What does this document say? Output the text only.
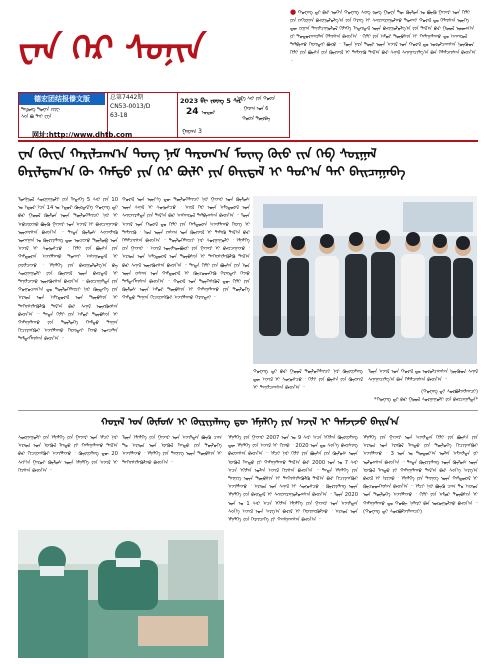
ᠸᠠᠨ ᠭᠡᠷ ᠰᠣᠨᠢᠨ
● ᠬᠤᠸᠠᠩ ᠳᠢ ᠪᠠᠷ ᠤᠭᠡᠨ ᠬᠤᠸᠠᠩ ᠰᠢᠩ ᠵᠣᠩ ᠭᠤᠸᠠ ᠲᠦ ᠬᠦᠮᠦᠨ ᠤ ᠪᠦᠬᠦ ᠭᠠᠵᠠᠷ ᠤᠨ ᠬᠢᠯᠢ ᠶᠢᠨ ᠵᠠᠬᠢᠷᠭᠠᠨ ᠪᠠᠢᠭᠤᠯᠤᠯᠭ᠎ᠠ ᠵᠢᠨ ᠬᠡᠷᠡᠭ ᠢ ᠰᠠᠢᠵᠢᠷᠠᠭᠤᠯᠬᠤ ᠲᠤᠬᠠᠢ ᠬᠤᠷᠠᠯ ᠳᠤ ᠬᠡᠯᠡᠭᠰᠡᠨ ᠦᠭᠡ ᠳᠦ ᠵᠢᠭᠠᠨ ᠲᠠᠨᠢᠯᠴᠠᠭᠤᠯᠤᠯ ᠬᠢᠯᠡᠭᠡ ᠮᠡᠳᠡᠭᠳᠡᠯ ᠦᠨ ᠪᠠᠢᠭᠤᠯᠤᠯᠭ᠎ᠠ ᠶᠢᠨ ᠲᠠᠯ᠎ᠠ ᠪᠠᠷ ᠭᠣᠣᠯ ᠤᠳᠬ᠎ᠠ ᠶᠢ ᠲᠣᠳᠤᠷᠬᠠᠢᠯᠠᠨ ᠬᠡᠯᠡᠭᠰᠡᠨ ᠪᠠᠢᠨ᠎ᠠ ᠂ ᠬᠢᠯᠢ ᠶᠢᠨ ᠠᠮᠤᠷ ᠲᠦᠪᠰᠢᠨ ᠢ ᠬᠠᠮᠠᠭᠠᠯᠠᠬᠤ ᠳᠤ ᠠᠨᠬᠠᠷᠤᠯ ᠲᠠᠯᠪᠢᠬᠤ ᠬᠡᠷᠡᠭᠲᠡᠢ ᠪᠤᠶᠤ ᠃ ᠮᠥᠨ ᠨᠡᠷᠡ ᠲᠦᠷ ᠦᠨ ᠠᠵᠢᠯ ᠤᠨ ᠬᠤᠷᠠᠯ ᠳᠤ ᠣᠷᠣᠯᠴᠠᠭᠰᠠᠨ ᠨᠥᠭᠥᠳ ᠬᠢᠯᠢ ᠶᠢᠨ ᠪᠦᠰᠡ ᠶᠢᠨ ᠬᠥᠭᠵᠢᠯ ᠢ ᠳᠡᠮᠵᠢᠬᠦ ᠲᠠᠯ᠎ᠠ ᠪᠠᠷ ᠰᠠᠨᠠᠯ ᠰᠠᠨᠠᠭᠠᠴᠢᠯᠭ᠎ᠠ ᠪᠡᠨ ᠬᠡᠯᠡᠯᠴᠡᠭᠰᠡᠨ ᠪᠠᠢᠨ᠎ᠠ ᠃
德宏团结报傣文版
ᠳᠡᠾᠦᠩ ᠲᠤᠸᠠᠨ ᠵᠢᠶᠸ
ᠰᠢᠨ ᠪᠤ ᠲᠠᠢ ᠸᠧᠨ
总第7442期
CN53-0013/D
63-18
2023 ᠪᠢ ᠵᠦᠩ 5 ᠰᠠᠷ
24 ᠤᠳᠦᠷ
ᠭᠠᠷᠠᠭ 3
ᠨᠢᠭᠡ ᠰᠠᠷ ᠶᠢᠨ ᠬᠤᠷᠢᠨ
ᠭᠠᠷᠠᠭ ᠤᠨ 6
ᠬᠤᠷᠢᠨ ᠳᠦᠷᠪᠡ
网址:http://www.dhtb.com
ᠸᠠᠨ ᠬᠦᠸᠠ ᠬᠠᠷᠢᠯᠴᠠᠭ᠎ᠠ ᠲᠤᠩ ᠨᠠᠮ ᠳᠠᠷᠤᠭ᠎ᠠ ᠮᠦᠩ ᠬᠦᠦ ᠵᠢᠨ ᠬᠡᠪ ᠰᠤᠷᠭᠠᠯ
ᠪᠠᠷᠢᠯᠳᠠᠭ᠎ᠠ ᠬᠦ ᠬᠠᠮᠲᠤ ᠶᠢᠨ ᠭᠡᠷ ᠪᠦᠯᠢ ᠶᠢᠨ ᠪᠠᠢᠳᠠᠯ ᠢ ᠳᠤᠷ᠎ᠠ ᠲᠠᠢ ᠪᠠᠢᠴᠠᠭᠠᠪᠠ
ᠮᠣᠩᠭᠣᠯ ᠰᠤᠷᠭᠠᠭᠤᠯᠢ ᠶᠢᠨ ᠮᠡᠳᠡᠭᠡ 5 ᠰᠠᠷ ᠶᠢᠨ 10 ᠤ ᠡᠳᠦᠷ ᠡᠴᠡ 14 ᠤ ᠡᠳᠦᠷ ᠬᠦᠷᠲᠡᠯ᠎ᠡ ᠬᠤᠸᠠᠩ ᠳᠢ ᠪᠠᠷ ᠭᠣᠣᠯ ᠬᠦᠮᠦᠨ ᠦᠨ ᠲᠦᠯᠦᠭᠡᠯᠡᠭᠴᠢ ᠨᠠᠷ ᠢ ᠠᠪᠴᠢᠷᠠᠵᠤ ᠪᠦᠬᠦ ᠭᠠᠵᠠᠷ ᠤᠨ ᠠᠵᠢᠯ ᠢ ᠪᠠᠢᠴᠠᠭᠠᠵᠤ ᠦᠵᠡᠭᠰᠡᠨ ᠪᠠᠢᠨ᠎ᠠ ᠃ ᠲᠡᠳᠡ ᠬᠦᠮᠦᠰ ᠰᠢᠨᠵᠢᠯᠡᠬᠦ ᠤᠬᠠᠭᠠᠨ ᠤ ᠬᠦᠷᠢᠶᠡᠯᠡᠩ ᠳᠦ ᠣᠴᠢᠵᠤ ᠳᠦᠯᠦᠪ ᠤᠨ ᠠᠵᠢᠯ ᠢ ᠰᠣᠨᠤᠰᠴᠤ ᠂ ᠬᠢᠯᠢ ᠶᠢᠨ ᠪᠦᠰᠡ ᠶᠢᠨ ᠬᠠᠮᠲᠤᠷᠠᠨ ᠠᠵᠢᠯᠯᠠᠬᠤ ᠲᠤᠬᠠᠢ ᠠᠰᠠᠭᠤᠳᠠᠯ ᠢ ᠶᠠᠷᠢᠯᠴᠠᠵᠤ ᠂ ᠡᠮᠨᠡᠯᠭᠡ ᠶᠢᠨ ᠪᠠᠢᠭᠤᠯᠤᠯᠭ᠎ᠠ ᠪᠠ ᠰᠤᠷᠭᠠᠭᠤᠯᠢ ᠶᠢᠨ ᠬᠥᠭᠵᠢᠯ ᠦᠨ ᠪᠠᠢᠳᠠᠯ ᠢ ᠲᠠᠨᠢᠯᠴᠠᠵᠤ ᠥᠭᠭᠦᠭᠰᠡᠨ ᠪᠠᠢᠨ᠎ᠠ ᠃ ᠪᠠᠢᠴᠠᠭᠠᠯᠲᠠ ᠶᠢᠨ ᠬᠤᠭᠤᠴᠠᠭ᠎ᠠ ᠳᠤ ᠲᠥᠯᠦᠭᠡᠯᠡᠭᠴᠢ ᠨᠠᠷ ᠬᠥᠳᠡᠭᠡ ᠶᠢᠨ ᠠᠷᠠᠳ ᠤᠨ ᠠᠮᠢᠳᠤᠷᠠᠯ ᠤᠨ ᠳᠦᠪᠰᠢᠨ ᠢ ᠳᠡᠭᠡᠭᠰᠢᠯᠡᠭᠦᠯᠬᠦ ᠲᠠᠯ᠎ᠠ ᠪᠠᠷ ᠰᠠᠨᠠᠯ ᠥᠭᠭᠦᠭᠰᠡᠨ ᠪᠠᠢᠨ᠎ᠠ ᠃ ᠲᠡᠳᠡ ᠬᠢᠯᠢ ᠶᠢᠨ ᠠᠮᠤᠷ ᠲᠦᠪᠰᠢᠨ ᠢ ᠬᠠᠮᠠᠭᠠᠯᠠᠬᠤ ᠶᠢᠨ ᠲᠥᠯᠦᠭᠡ ᠬᠠᠮᠲᠤ ᠳᠠᠭᠠᠨ ᠬᠢᠴᠢᠶᠡᠩᠭᠦᠢ ᠠᠵᠢᠯᠯᠠᠬᠤ ᠬᠡᠷᠡᠭᠲᠡᠢ ᠭᠡᠵᠦ ᠣᠨᠴᠠᠯᠠᠨ ᠲᠡᠮᠳᠡᠭᠯᠡᠭᠰᠡᠨ ᠪᠠᠢᠨ᠎ᠠ ᠃
ᠬᠤᠷᠠᠯ ᠤᠨ ᠦᠶ᠎ᠡ ᠳᠦ ᠲᠥᠯᠦᠭᠡᠯᠡᠭᠴᠢ ᠨᠠᠷ ᠭᠠᠵᠠᠷ ᠤᠨ ᠬᠦᠮᠦᠰ ᠦᠨ ᠰᠠᠨᠠᠯ ᠢ ᠰᠣᠨᠤᠰᠴᠤ ᠂ ᠠᠢᠯ ᠭᠡᠷ ᠦᠨ ᠠᠮᠢᠳᠤᠷᠠᠯ ᠤᠨ ᠰᠠᠢᠵᠢᠷᠠᠯᠲᠠ ᠶᠢᠨ ᠲᠠᠯ᠎ᠠ ᠪᠠᠷ ᠠᠩᠬᠠᠷᠤᠯ ᠲᠠᠯᠪᠢᠭᠰᠠᠨ ᠪᠠᠢᠨ᠎ᠠ ᠃ ᠮᠥᠨ ᠠᠵᠢᠯ ᠤᠨ ᠬᠤᠷᠠᠯ ᠳᠤ ᠬᠢᠯᠢ ᠶᠢᠨ ᠬᠠᠮᠲᠤᠷᠠᠨ ᠠᠵᠢᠯᠯᠠᠬᠤ ᠬᠡᠷᠡᠭ ᠢ ᠳᠡᠮᠵᠢᠬᠦ ᠂ ᠡᠳ ᠦᠨ ᠵᠠᠰᠠᠭ ᠤᠨ ᠬᠥᠭᠵᠢᠯ ᠢ ᠲᠡᠯᠡᠬᠦ ᠲᠠᠯ᠎ᠠ ᠪᠠᠷ ᠬᠡᠯᠡᠯᠴᠡᠭᠰᠡᠨ ᠪᠠᠢᠨ᠎ᠠ ᠃ ᠲᠥᠯᠦᠭᠡᠯᠡᠭᠴᠢ ᠨᠠᠷ ᠰᠤᠷᠭᠠᠭᠤᠯᠢ ᠂ ᠡᠮᠨᠡᠯᠭᠡ ᠶᠢᠨ ᠭᠠᠵᠠᠷ ᠂ ᠠᠵᠢᠯ ᠦᠢᠯᠡᠳᠪᠦᠷᠢ ᠶᠢᠨ ᠭᠠᠵᠠᠷ ᠢ ᠪᠠᠢᠴᠠᠭᠠᠵᠤ ᠂ ᠠᠷᠠᠳ ᠤᠨ ᠠᠮᠢᠳᠤᠷᠠᠯ ᠤᠨ ᠳᠦᠪᠰᠢᠨ ᠢ ᠳᠡᠭᠡᠭᠰᠢᠯᠡᠭᠦᠯᠬᠦ ᠲᠠᠯ᠎ᠠ ᠪᠠᠷ ᠰᠠᠨᠠᠯ ᠥᠭᠭᠦᠭᠰᠡᠨ ᠪᠠᠢᠨ᠎ᠠ ᠃ ᠲᠡᠳᠡ ᠬᠢᠯᠢ ᠶᠢᠨ ᠪᠦᠰᠡ ᠶᠢᠨ ᠡᠳ ᠦᠨ ᠵᠠᠰᠠᠭ ᠤᠨ ᠬᠠᠮᠲᠤᠷᠠᠯ ᠢ ᠬᠦᠴᠦᠳᠬᠡᠬᠦ ᠬᠡᠷᠡᠭᠲᠡᠢ ᠭᠡᠵᠦ ᠲᠡᠮᠳᠡᠭᠯᠡᠭᠰᠡᠨ ᠪᠠᠢᠨ᠎ᠠ ᠃ ᠬᠤᠷᠠᠯ ᠤᠨ ᠲᠥᠭᠡᠰᠬᠦᠯ ᠳᠦ ᠬᠢᠯᠢ ᠶᠢᠨ ᠬᠦᠮᠦᠰ ᠦᠨ ᠠᠮᠤᠷ ᠲᠦᠪᠰᠢᠨ ᠢ ᠬᠠᠮᠠᠭᠠᠯᠠᠬᠤ ᠶᠢᠨ ᠲᠥᠯᠦᠭᠡ ᠬᠠᠮᠲᠤ ᠳᠠᠭᠠᠨ ᠬᠢᠴᠢᠶᠡᠩᠭᠦᠢ ᠠᠵᠢᠯᠯᠠᠬᠤ ᠬᠡᠷᠡᠭᠲᠡᠢ ᠃
ᠬᠤᠸᠠᠩ ᠳᠢ ᠪᠠᠷ ᠭᠣᠣᠯ ᠲᠥᠯᠦᠭᠡᠯᠡᠭᠴᠢ ᠨᠠᠷ ᠬᠦᠷᠢᠶᠡᠯᠡᠩ ᠳᠦ ᠠᠵᠢᠯ ᠢ ᠰᠣᠨᠤᠰᠴᠤ ᠂ ᠬᠢᠯᠢ ᠶᠢᠨ ᠪᠦᠰᠡ ᠶᠢᠨ ᠬᠥᠭᠵᠢᠯ ᠢ ᠲᠠᠨᠢᠯᠴᠠᠭᠰᠠᠨ ᠪᠠᠢᠨ᠎ᠠ ᠃
ᠮᠥᠨ ᠠᠵᠢᠯ ᠤᠨ ᠬᠤᠷᠠᠯ ᠳᠤ ᠣᠷᠣᠯᠴᠠᠭᠰᠠᠨ ᠨᠥᠭᠥᠳ ᠰᠠᠨᠠᠯ ᠰᠠᠨᠠᠭᠠᠴᠢᠯᠭ᠎ᠠ ᠪᠡᠨ ᠬᠡᠯᠡᠯᠴᠡᠭᠰᠡᠨ ᠪᠠᠢᠨ᠎ᠠ ᠃
(ᠬᠤᠸᠠᠩ ᠳᠢ ᠰᠤᠷᠪᠤᠯᠵᠢᠯᠠᠭᠴᠢ)
*ᠬᠤᠸᠠᠩ ᠳᠢ ᠪᠠᠷ ᠭᠣᠣᠯ ᠰᠤᠷᠭᠠᠭᠤᠯᠢ ᠶᠢᠨ ᠪᠠᠢᠴᠠᠭᠠᠯᠲᠠ*
ᠬᠤᠷᠠᠯ ᠤᠨ ᠬᠦᠮᠦᠰ ᠢ ᠬᠦᠷᠢᠶᠡᠯᠡᠩ ᠳᠦ ᠡᠮᠨᠡᠯᠭᠡ ᠶᠢᠨ ᠠᠵᠢᠯ ᠢ ᠳᠡᠮᠵᠢᠵᠦ ᠪᠠᠢᠨ᠎ᠠ
ᠰᠤᠷᠭᠠᠭᠤᠯᠢ ᠶᠢᠨ ᠡᠮᠨᠡᠯᠭᠡ ᠶᠢᠨ ᠭᠠᠵᠠᠷ ᠤᠨ ᠡᠮᠴᠢ ᠨᠠᠷ ᠠᠷᠠᠳ ᠤᠨ ᠡᠷᠡᠭᠦᠯ ᠮᠡᠨᠳᠦ ᠶᠢ ᠬᠠᠮᠠᠭᠠᠯᠠᠬᠤ ᠲᠠᠯ᠎ᠠ ᠪᠠᠷ ᠬᠢᠴᠢᠶᠡᠩᠭᠦᠢ ᠠᠵᠢᠯᠯᠠᠵᠤ ᠂ ᠬᠦᠷᠢᠶᠡᠯᠡᠩ ᠳᠦ 20 ᠰᠠᠶ᠎ᠠ ᠭᠠᠷᠤᠢ ᠬᠦᠮᠦᠰ ᠦᠨ ᠡᠮᠨᠡᠯᠭᠡ ᠶᠢᠨ ᠠᠵᠢᠯ ᠢ ᠬᠢᠭᠰᠡᠨ ᠪᠠᠢᠨ᠎ᠠ ᠃
ᠮᠥᠨ ᠡᠮᠨᠡᠯᠭᠡ ᠶᠢᠨ ᠭᠠᠵᠠᠷ ᠤᠨ ᠠᠵᠢᠯᠲᠠᠨ ᠪᠦᠬᠦ ᠴᠠᠭ ᠲᠤ ᠠᠷᠠᠳ ᠤᠨ ᠡᠷᠡᠭᠦᠯ ᠮᠡᠨᠳᠦ ᠶᠢᠨ ᠲᠥᠯᠦᠭᠡ ᠠᠵᠢᠯᠯᠠᠵᠤ ᠂ ᠡᠮᠨᠡᠯᠭᠡ ᠶᠢᠨ ᠲᠡᠬᠨᠢᠭ ᠦᠨ ᠳᠦᠪᠰᠢᠨ ᠢ ᠳᠡᠭᠡᠭᠰᠢᠯᠡᠭᠦᠯᠵᠦ ᠪᠠᠢᠨ᠎ᠠ ᠃
ᠡᠮᠨᠡᠯᠭᠡ ᠶᠢᠨ ᠭᠠᠵᠠᠷ 2007 ᠣᠨ ᠤ 9 ᠰᠠᠷ ᠠᠴᠠ ᠡᠬᠢᠯᠡᠨ ᠬᠦᠷᠢᠶᠡᠯᠡᠩ ᠳᠦ ᠡᠮᠨᠡᠯᠭᠡ ᠶᠢᠨ ᠠᠵᠢᠯ ᠢ ᠬᠢᠵᠦ ᠂ 2020 ᠣᠨ ᠳᠤ ᠰᠢᠨ᠎ᠡ ᠪᠠᠢᠰᠢᠩ ᠪᠠᠷᠢᠭᠰᠠᠨ ᠪᠠᠢᠨ᠎ᠠ ᠃ ᠡᠮᠴᠢ ᠨᠠᠷ ᠬᠢᠯᠢ ᠶᠢᠨ ᠪᠦᠰᠡ ᠶᠢᠨ ᠬᠦᠮᠦᠰ ᠦᠨ ᠡᠷᠡᠭᠦᠯ ᠮᠡᠨᠳᠦ ᠶᠢ ᠬᠠᠮᠠᠭᠠᠯᠠᠬᠤ ᠲᠠᠯ᠎ᠠ ᠪᠠᠷ 2000 ᠣᠨ ᠤ 7 ᠰᠠᠷ ᠠᠴᠠ ᠡᠬᠢᠯᠡᠨ ᠣᠯᠠᠨ ᠠᠵᠢᠯ ᠬᠢᠭᠰᠡᠨ ᠪᠠᠢᠨ᠎ᠠ ᠃ ᠲᠡᠳᠡ ᠡᠮᠨᠡᠯᠭᠡ ᠶᠢᠨ ᠲᠡᠬᠨᠢᠭ ᠦᠨ ᠳᠦᠪᠰᠢᠨ ᠢ ᠳᠡᠭᠡᠭᠰᠢᠯᠡᠭᠦᠯᠬᠦ ᠲᠠᠯ᠎ᠠ ᠪᠠᠷ ᠬᠢᠴᠢᠶᠡᠩᠭᠦᠢ ᠠᠵᠢᠯᠯᠠᠵᠤ ᠂ ᠠᠷᠠᠳ ᠤᠨ ᠰᠠᠨᠠᠯ ᠢ ᠰᠣᠨᠤᠰᠴᠤ ᠂ ᠬᠦᠷᠢᠶᠡᠯᠡᠩ ᠦᠨ ᠡᠮᠨᠡᠯᠭᠡ ᠶᠢᠨ ᠪᠠᠢᠳᠠᠯ ᠢ ᠰᠠᠢᠵᠢᠷᠠᠭᠤᠯᠤᠭᠰᠠᠨ ᠪᠠᠢᠨ᠎ᠠ ᠃ ᠮᠥᠨ 2020 ᠣᠨ ᠤ 1 ᠰᠠᠷ ᠠᠴᠠ ᠡᠬᠢᠯᠡᠨ ᠡᠮᠨᠡᠯᠭᠡ ᠶᠢᠨ ᠭᠠᠵᠠᠷ ᠤᠨ ᠠᠵᠢᠯᠲᠠᠨ ᠰᠢᠨ᠎ᠡ ᠠᠵᠢᠯ ᠤᠨ ᠠᠷᠭ᠎ᠠ ᠪᠠᠷᠢᠯ ᠢ ᠬᠡᠷᠡᠭᠵᠢᠭᠦᠯᠵᠦ ᠂ ᠠᠷᠠᠳ ᠤᠨ ᠡᠮᠨᠡᠯᠭᠡ ᠶᠢᠨ ᠬᠡᠷᠡᠭᠴᠡᠭᠡ ᠶᠢ ᠬᠠᠩᠭᠠᠭᠰᠠᠨ ᠪᠠᠢᠨ᠎ᠠ ᠃
ᠡᠮᠨᠡᠯᠭᠡ ᠶᠢᠨ ᠭᠠᠵᠠᠷ ᠤᠨ ᠠᠵᠢᠯᠲᠠᠨ ᠬᠢᠯᠢ ᠶᠢᠨ ᠪᠦᠰᠡ ᠶᠢᠨ ᠠᠷᠠᠳ ᠤᠨ ᠡᠷᠡᠭᠦᠯ ᠮᠡᠨᠳᠦ ᠶᠢᠨ ᠲᠥᠯᠦᠭᠡ ᠬᠢᠴᠢᠶᠡᠩᠭᠦᠢ ᠠᠵᠢᠯᠯᠠᠵᠤ ᠂ 3 ᠣᠨ ᠤ ᠳᠣᠲᠣᠷ᠎ᠠ ᠣᠯᠠᠨ ᠠᠮᠵᠢᠯᠲᠠ ᠶᠢ ᠣᠯᠤᠭᠰᠠᠨ ᠪᠠᠢᠨ᠎ᠠ ᠃ ᠲᠡᠳᠡ ᠬᠦᠷᠢᠶᠡᠯᠡᠩ ᠦᠨ ᠬᠦᠮᠦᠰ ᠦᠨ ᠡᠷᠡᠭᠦᠯ ᠮᠡᠨᠳᠦ ᠶᠢ ᠬᠠᠮᠠᠭᠠᠯᠠᠬᠤ ᠲᠠᠯ᠎ᠠ ᠪᠠᠷ ᠰᠢᠨ᠎ᠡ ᠠᠷᠭ᠎ᠠ ᠪᠠᠷᠢᠯ ᠢ ᠡᠷᠢᠵᠦ ᠂ ᠡᠮᠨᠡᠯᠭᠡ ᠶᠢᠨ ᠲᠡᠬᠨᠢᠭ ᠦᠨ ᠬᠠᠮᠲᠤᠷᠠᠯ ᠢ ᠬᠦᠴᠦᠳᠬᠡᠭᠰᠡᠨ ᠪᠠᠢᠨ᠎ᠠ ᠃ ᠡᠮᠴᠢ ᠨᠠᠷ ᠪᠦᠬᠦ ᠴᠠᠭ ᠲᠤ ᠠᠷᠠᠳ ᠤᠨ ᠲᠥᠯᠦᠭᠡ ᠠᠵᠢᠯᠯᠠᠵᠤ ᠂ ᠬᠢᠯᠢ ᠶᠢᠨ ᠠᠮᠤᠷ ᠲᠦᠪᠰᠢᠨ ᠢ ᠬᠠᠮᠠᠭᠠᠯᠠᠬᠤ ᠳᠤ ᠬᠤᠪᠢ ᠨᠡᠮᠡᠷᠢ ᠪᠡᠨ ᠣᠷᠣᠭᠤᠯᠵᠤ ᠪᠠᠢᠨ᠎ᠠ ᠃ (ᠬᠤᠸᠠᠩ ᠳᠢ ᠰᠤᠷᠪᠤᠯᠵᠢᠯᠠᠭᠴᠢ)
